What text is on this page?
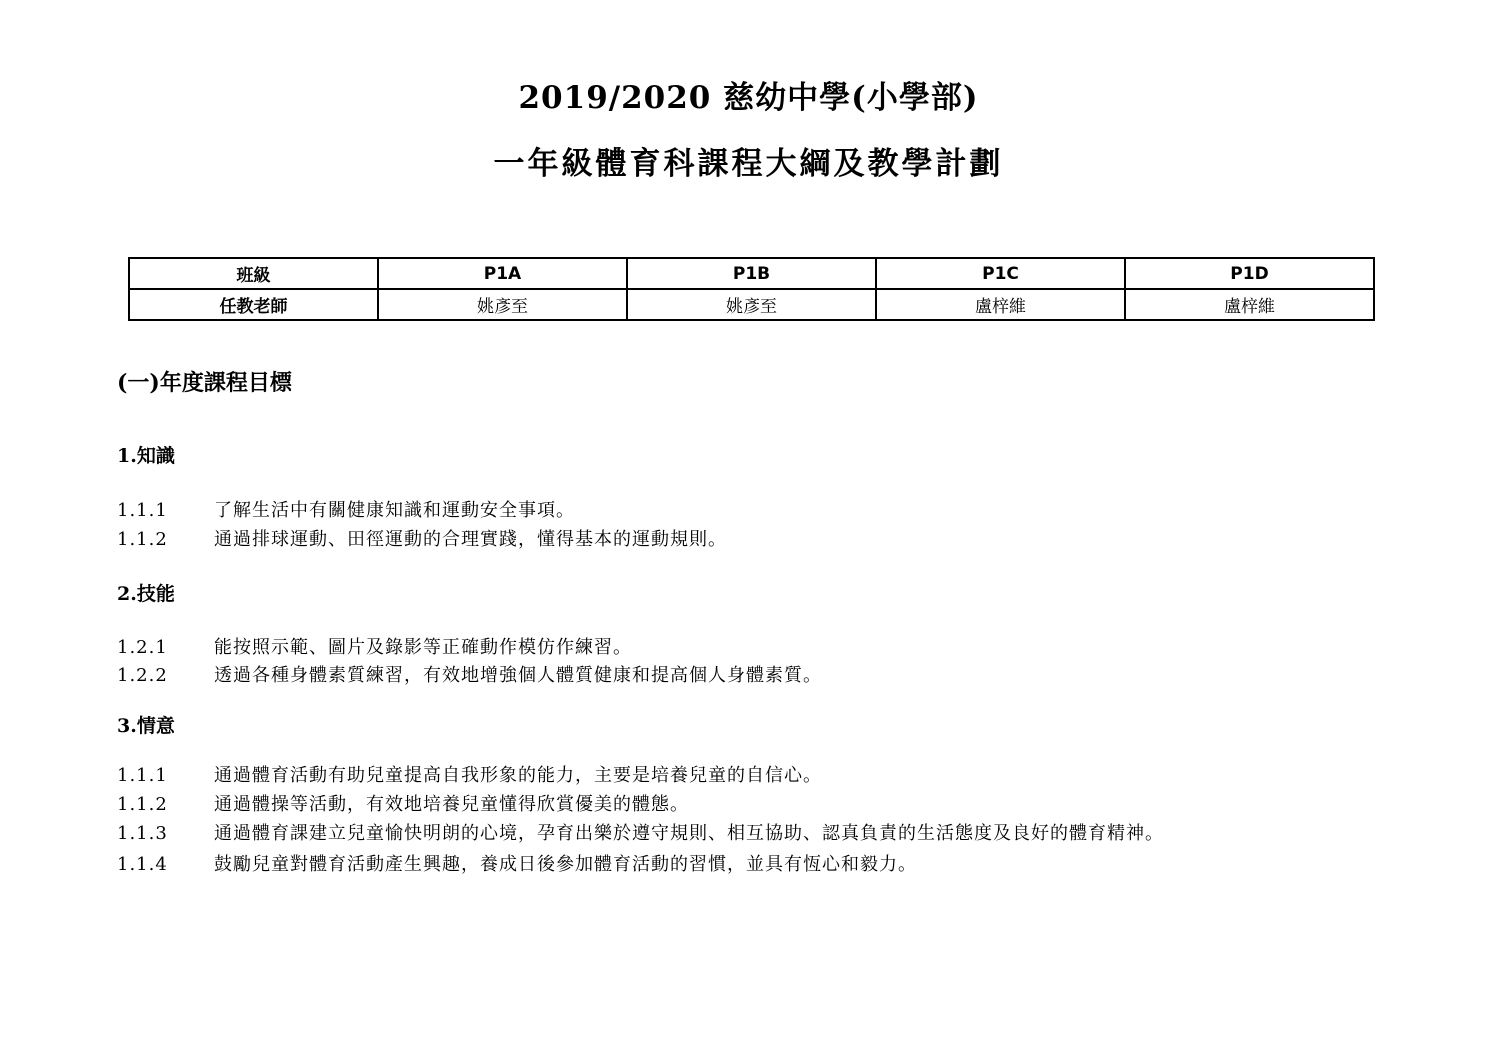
2019/2020 慈幼中學(小學部)
一年級體育科課程大綱及教學計劃
班級	P1A	P1B	P1C	P1D
任教老師	姚彥至	姚彥至	盧梓維	盧梓維
(一)年度課程目標
1.知識
1.1.1	了解生活中有關健康知識和運動安全事項。
1.1.2	通過排球運動、田徑運動的合理實踐，懂得基本的運動規則。
2.技能
1.2.1	能按照示範、圖片及錄影等正確動作模仿作練習。
1.2.2	透過各種身體素質練習，有效地增強個人體質健康和提高個人身體素質。
3.情意
1.1.1	通過體育活動有助兒童提高自我形象的能力，主要是培養兒童的自信心。
1.1.2	通過體操等活動，有效地培養兒童懂得欣賞優美的體態。
1.1.3	通過體育課建立兒童愉快明朗的心境，孕育出樂於遵守規則、相互協助、認真負責的生活態度及良好的體育精神。
1.1.4	鼓勵兒童對體育活動產生興趣，養成日後參加體育活動的習慣，並具有恆心和毅力。
